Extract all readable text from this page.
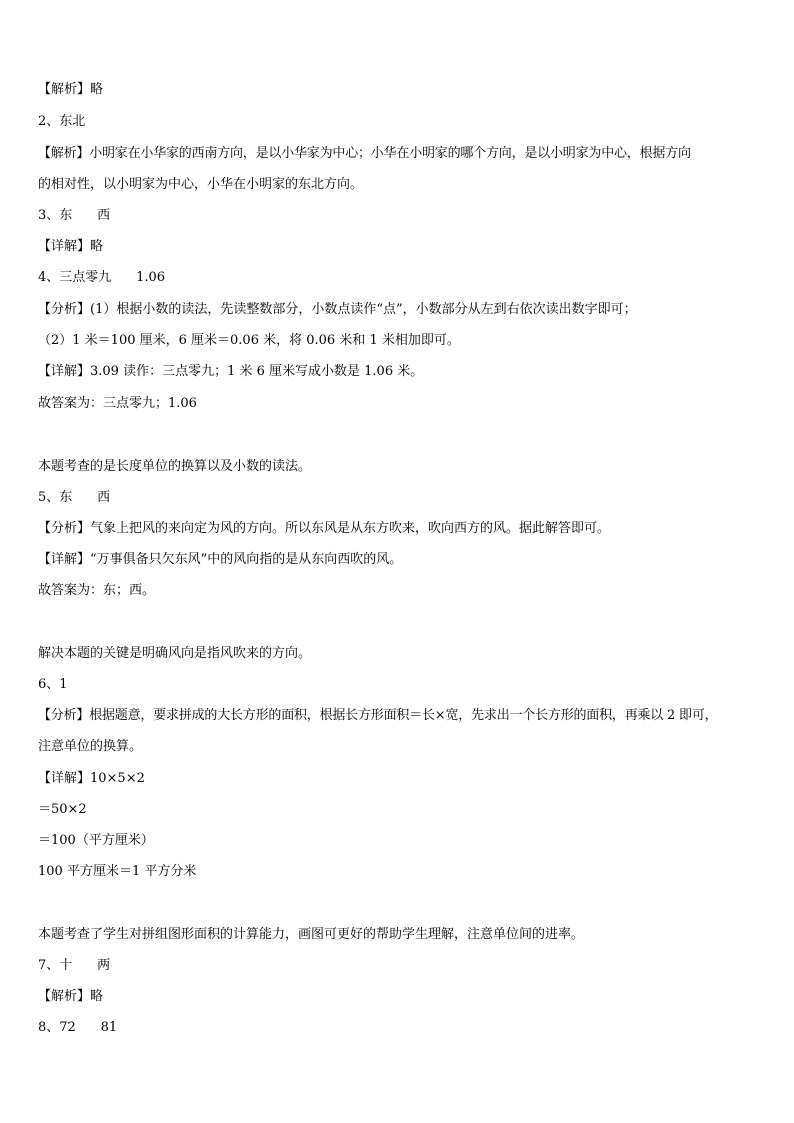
【解析】略

2、东北

【解析】小明家在小华家的西南方向，是以小华家为中心；小华在小明家的哪个方向，是以小明家为中心，根据方向

的相对性，以小明家为中心，小华在小明家的东北方向。

3、东      西

【详解】略

4、三点零九      1.06

【分析】(1）根据小数的读法，先读整数部分，小数点读作“点”，小数部分从左到右依次读出数字即可；

（2）1 米＝100 厘米，6 厘米＝0.06 米，将 0.06 米和 1 米相加即可。

【详解】3.09 读作：三点零九；1 米 6 厘米写成小数是 1.06 米。

故答案为：三点零九；1.06

本题考查的是长度单位的换算以及小数的读法。

5、东      西

【分析】气象上把风的来向定为风的方向。所以东风是从东方吹来，吹向西方的风。据此解答即可。

【详解】“万事俱备只欠东风”中的风向指的是从东向西吹的风。

故答案为：东；西。

解决本题的关键是明确风向是指风吹来的方向。

6、1

【分析】根据题意，要求拼成的大长方形的面积，根据长方形面积＝长×宽，先求出一个长方形的面积，再乘以 2 即可，

注意单位的换算。

【详解】10×5×2

＝50×2

＝100（平方厘米）

100 平方厘米＝1 平方分米

本题考查了学生对拼组图形面积的计算能力，画图可更好的帮助学生理解，注意单位间的进率。

7、十      两

【解析】略

8、72      81
